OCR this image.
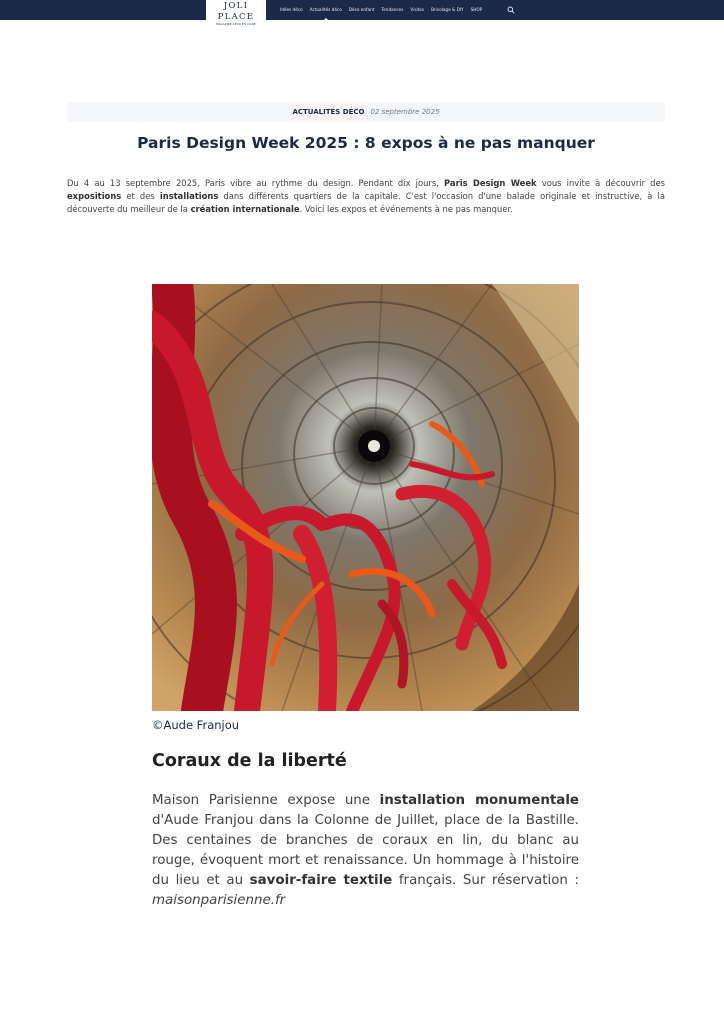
JOLI PLACE
MAGAZINE DÉCO EN LIGNE
Idées déco Actualités déco Déco enfant Tendances Visites Bricolage & DIY SHOP
ACTUALITÉS DÉCO 02 septembre 2025
Paris Design Week 2025 : 8 expos à ne pas manquer

Du 4 au 13 septembre 2025, Paris vibre au rythme du design. Pendant dix jours, Paris Design Week vous invite à découvrir des expositions et des installations dans différents quartiers de la capitale. C'est l'occasion d'une balade originale et instructive, à la découverte du meilleur de la création internationale. Voici les expos et événements à ne pas manquer.

©Aude Franjou
Coraux de la liberté

Maison Parisienne expose une installation monumentale d'Aude Franjou dans la Colonne de Juillet, place de la Bastille. Des centaines de branches de coraux en lin, du blanc au rouge, évoquent mort et renaissance. Un hommage à l'histoire du lieu et au savoir-faire textile français. Sur réservation : maisonparisienne.fr
